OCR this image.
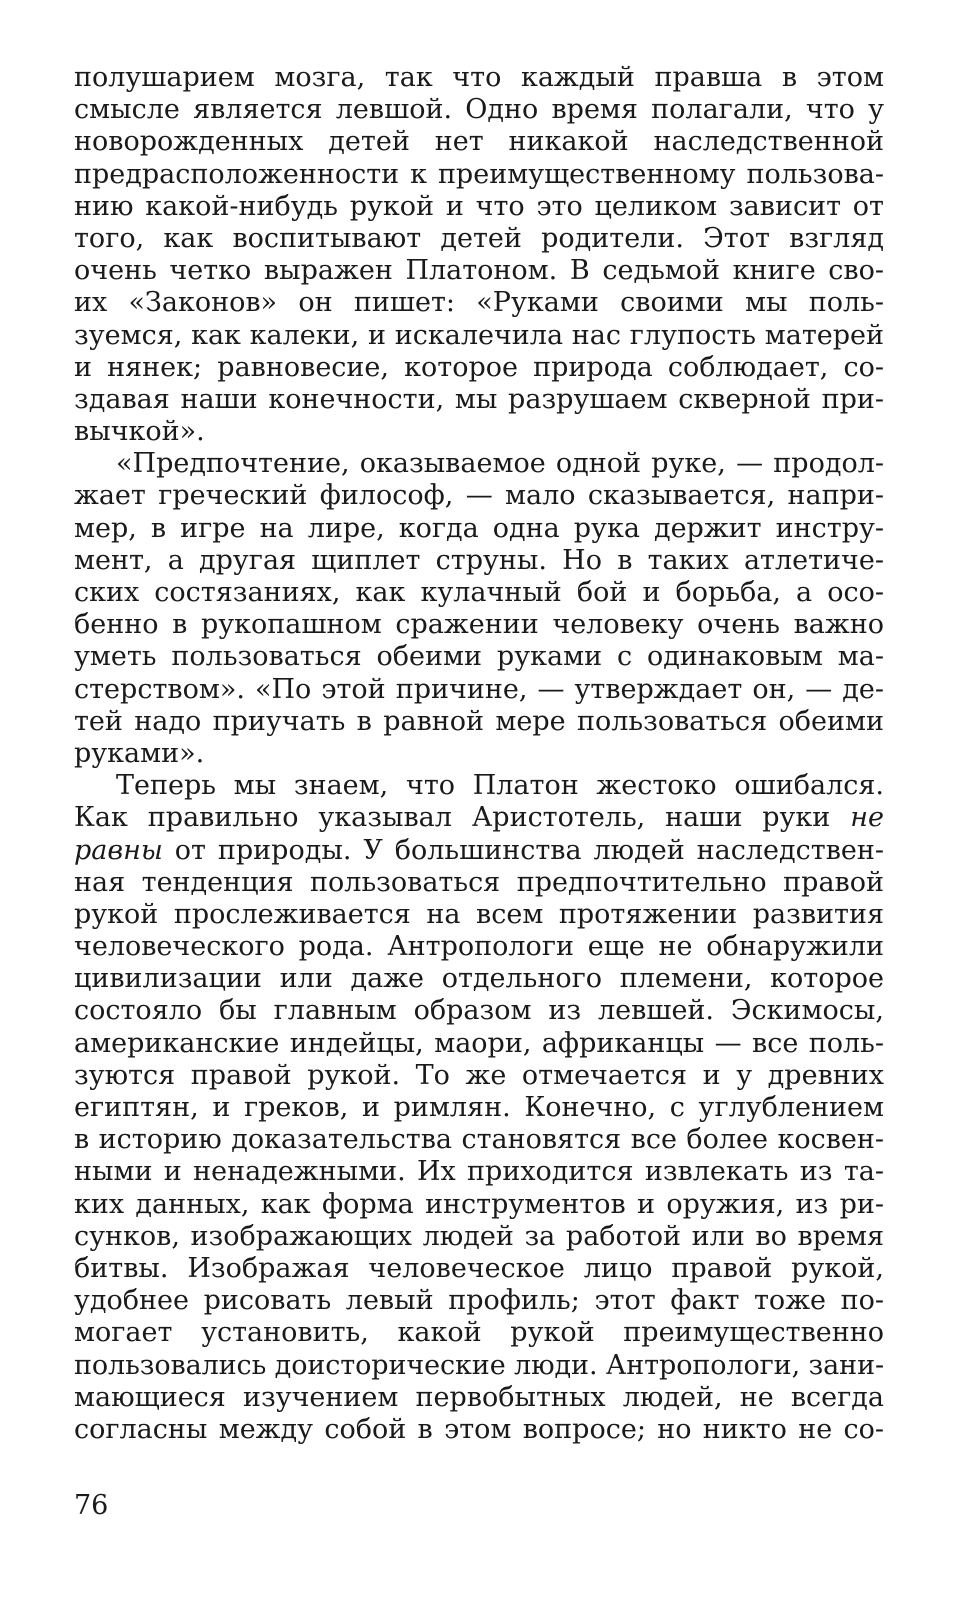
полушарием мозга, так что каждый правша в этом
смысле является левшой. Одно время полагали, что у
новорожденных детей нет никакой наследственной
предрасположенности к преимущественному пользова-
нию какой-нибудь рукой и что это целиком зависит от
того, как воспитывают детей родители. Этот взгляд
очень четко выражен Платоном. В седьмой книге сво-
их «Законов» он пишет: «Руками своими мы поль-
зуемся, как калеки, и искалечила нас глупость матерей
и нянек; равновесие, которое природа соблюдает, со-
здавая наши конечности, мы разрушаем скверной при-
вычкой».
«Предпочтение, оказываемое одной руке, — продол-
жает греческий философ, — мало сказывается, напри-
мер, в игре на лире, когда одна рука держит инстру-
мент, а другая щиплет струны. Но в таких атлетиче-
ских состязаниях, как кулачный бой и борьба, а осо-
бенно в рукопашном сражении человеку очень важно
уметь пользоваться обеими руками с одинаковым ма-
стерством». «По этой причине, — утверждает он, — де-
тей надо приучать в равной мере пользоваться обеими
руками».
Теперь мы знаем, что Платон жестоко ошибался.
Как правильно указывал Аристотель, наши руки не
равны от природы. У большинства людей наследствен-
ная тенденция пользоваться предпочтительно правой
рукой прослеживается на всем протяжении развития
человеческого рода. Антропологи еще не обнаружили
цивилизации или даже отдельного племени, которое
состояло бы главным образом из левшей. Эскимосы,
американские индейцы, маори, африканцы — все поль-
зуются правой рукой. То же отмечается и у древних
египтян, и греков, и римлян. Конечно, с углублением
в историю доказательства становятся все более косвен-
ными и ненадежными. Их приходится извлекать из та-
ких данных, как форма инструментов и оружия, из ри-
сунков, изображающих людей за работой или во время
битвы. Изображая человеческое лицо правой рукой,
удобнее рисовать левый профиль; этот факт тоже по-
могает установить, какой рукой преимущественно
пользовались доисторические люди. Антропологи, зани-
мающиеся изучением первобытных людей, не всегда
согласны между собой в этом вопросе; но никто не со-
76
